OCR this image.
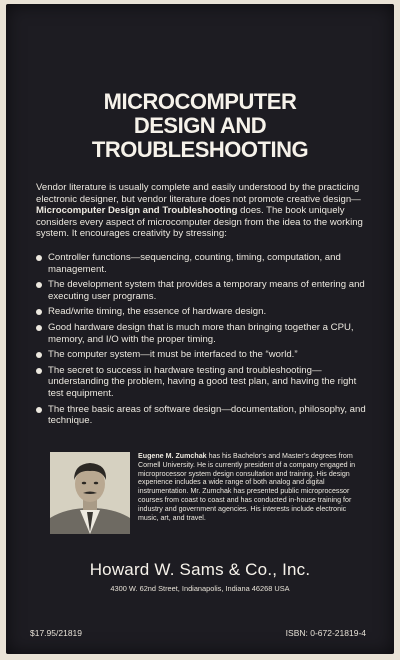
MICROCOMPUTER
DESIGN AND
TROUBLESHOOTING
Vendor literature is usually complete and easily understood by the practicing electronic designer, but vendor literature does not promote creative design— Microcomputer Design and Troubleshooting does. The book uniquely considers every aspect of microcomputer design from the idea to the working system. It encourages creativity by stressing:
Controller functions—sequencing, counting, timing, computation, and management.
The development system that provides a temporary means of entering and executing user programs.
Read/write timing, the essence of hardware design.
Good hardware design that is much more than bringing together a CPU, memory, and I/O with the proper timing.
The computer system—it must be interfaced to the “world.”
The secret to success in hardware testing and troubleshooting—understanding the problem, having a good test plan, and having the right test equipment.
The three basic areas of software design—documentation, philosophy, and technique.
Eugene M. Zumchak has his Bachelor’s and Master’s degrees from Cornell University. He is currently president of a company engaged in microprocessor system design consultation and training. His design experience includes a wide range of both analog and digital instrumentation. Mr. Zumchak has presented public microprocessor courses from coast to coast and has conducted in-house training for industry and government agencies. His interests include electronic music, art, and travel.
Howard W. Sams & Co., Inc.
4300 W. 62nd Street, Indianapolis, Indiana 46268 USA
$17.95/21819	ISBN: 0-672-21819-4
